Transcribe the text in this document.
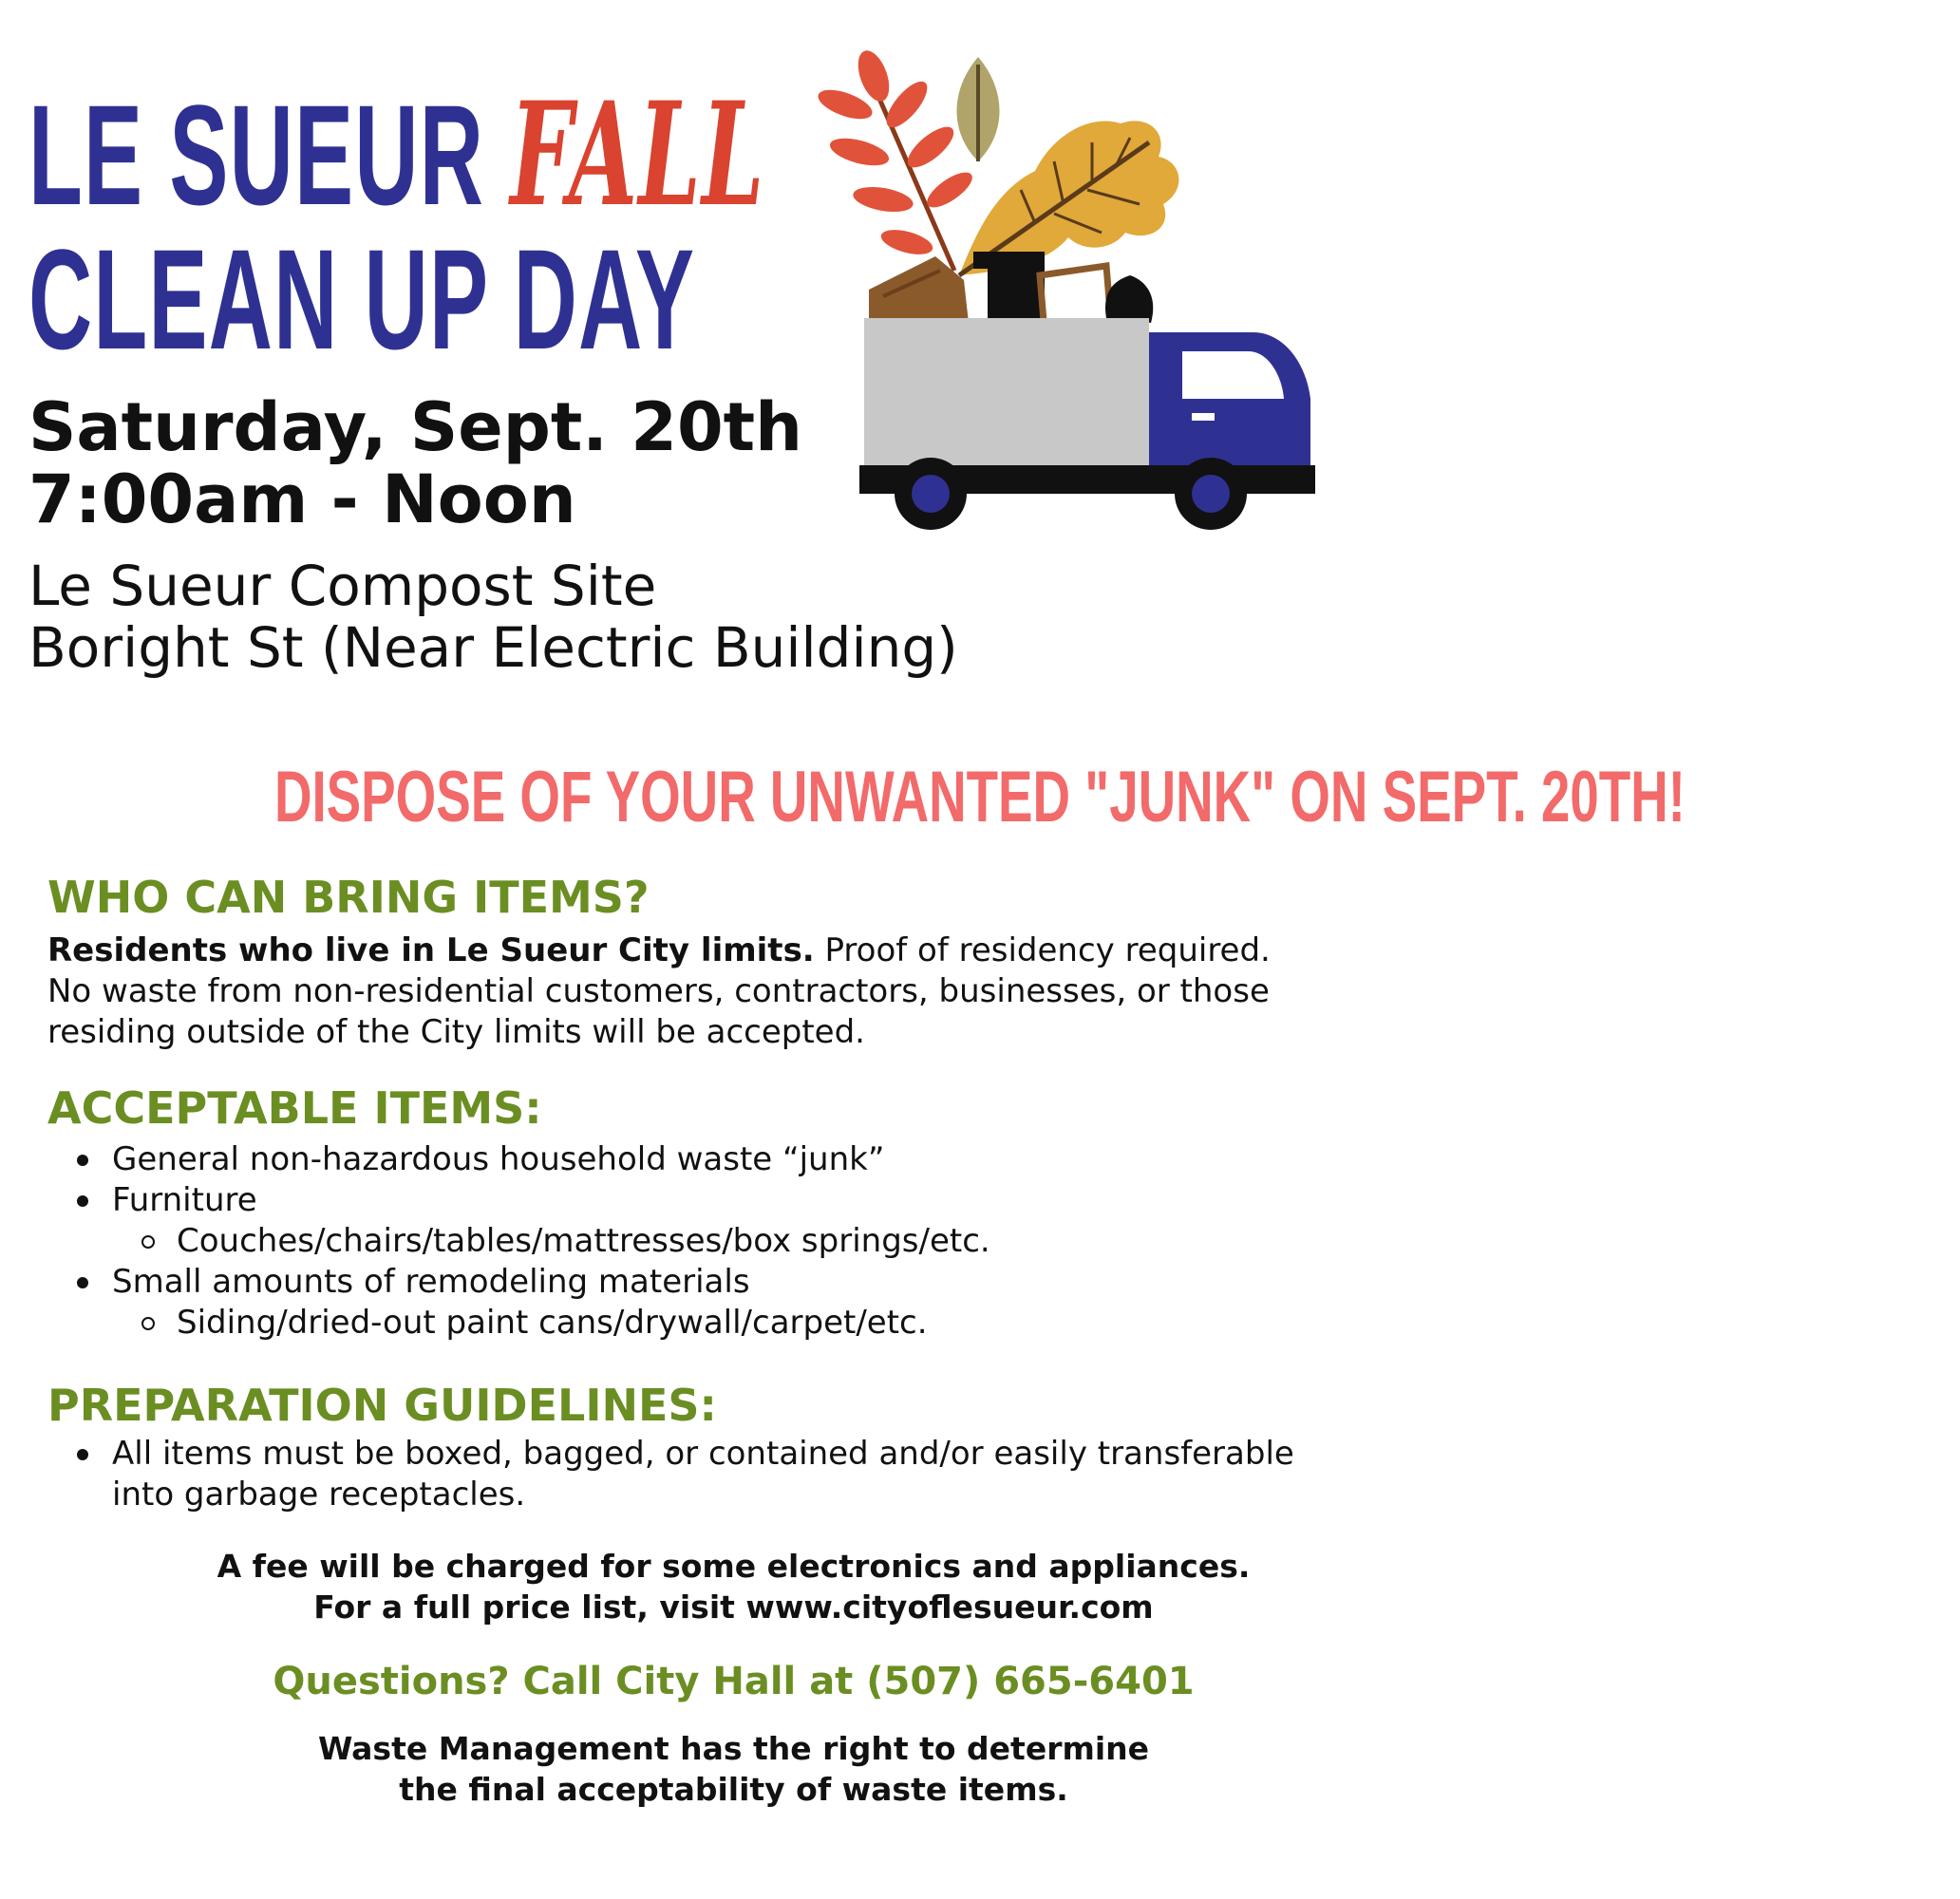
LE SUEUR FALL
CLEAN UP DAY
Saturday, Sept. 20th
7:00am - Noon
Le Sueur Compost Site
Boright St (Near Electric Building)
DISPOSE OF YOUR UNWANTED "JUNK" ON SEPT. 20TH!
WHO CAN BRING ITEMS?
Residents who live in Le Sueur City limits. Proof of residency required.
No waste from non-residential customers, contractors, businesses, or those
residing outside of the City limits will be accepted.
ACCEPTABLE ITEMS:
General non-hazardous household waste “junk”
Furniture
Couches/chairs/tables/mattresses/box springs/etc.
Small amounts of remodeling materials
Siding/dried-out paint cans/drywall/carpet/etc.
PREPARATION GUIDELINES:
All items must be boxed, bagged, or contained and/or easily transferable
into garbage receptacles.
A fee will be charged for some electronics and appliances.
For a full price list, visit www.cityoflesueur.com
Questions? Call City Hall at (507) 665-6401
Waste Management has the right to determine
the final acceptability of waste items.
